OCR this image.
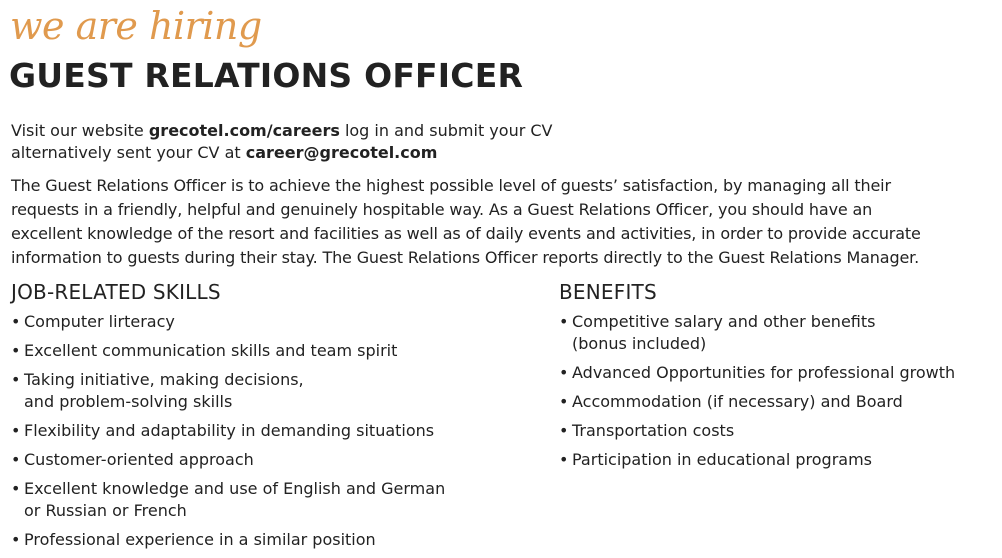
we are hiring
GUEST RELATIONS OFFICER
Visit our website grecotel.com/careers log in and submit your CV
alternatively sent your CV at career@grecotel.com
The Guest Relations Officer is to achieve the highest possible level of guests’ satisfaction, by managing all their
requests in a friendly, helpful and genuinely hospitable way. As a Guest Relations Officer, you should have an
excellent knowledge of the resort and facilities as well as of daily events and activities, in order to provide accurate
information to guests during their stay. The Guest Relations Officer reports directly to the Guest Relations Manager.
JOB-RELATED SKILLS
• Computer lirteracy
• Excellent communication skills and team spirit
• Taking initiative, making decisions,
and problem-solving skills
• Flexibility and adaptability in demanding situations
• Customer-oriented approach
• Excellent knowledge and use of English and German
or Russian or French
• Professional experience in a similar position
BENEFITS
• Competitive salary and other benefits
(bonus included)
• Advanced Opportunities for professional growth
• Accommodation (if necessary) and Board
• Transportation costs
• Participation in educational programs
